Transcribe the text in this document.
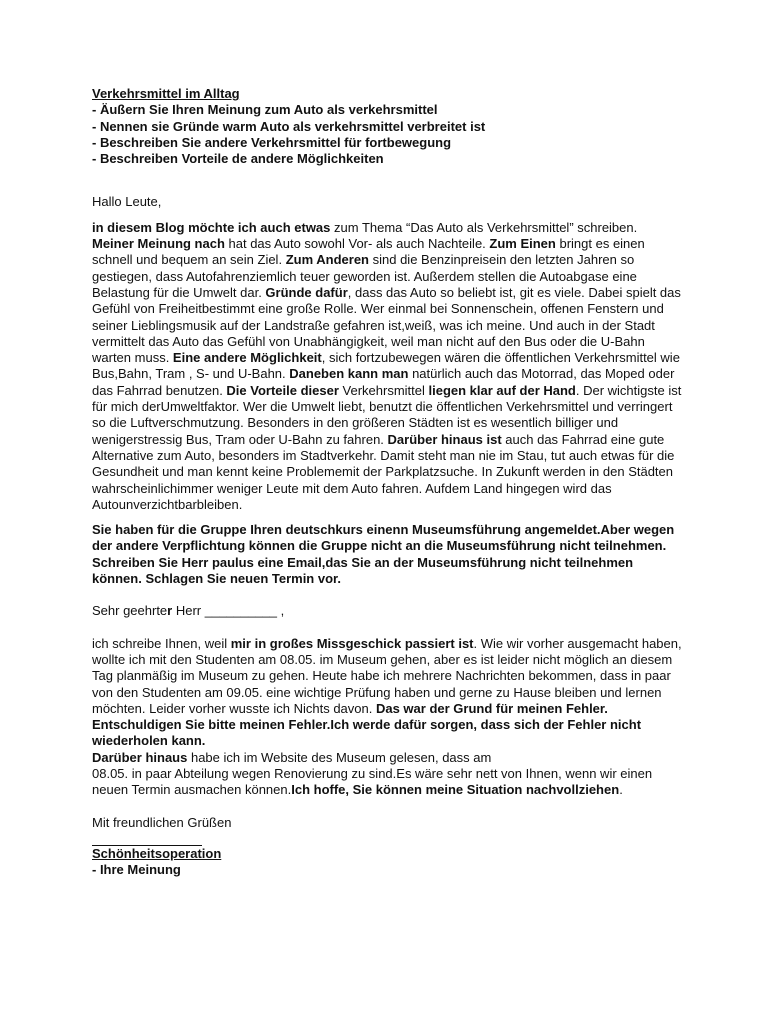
Verkehrsmittel im Alltag

- Äußern Sie Ihren Meinung zum Auto als verkehrsmittel

- Nennen sie Gründe warm Auto als verkehrsmittel verbreitet ist

- Beschreiben Sie andere Verkehrsmittel für fortbewegung

- Beschreiben Vorteile de andere Möglichkeiten

Hallo Leute,

in diesem Blog möchte ich auch etwas zum Thema “Das Auto als Verkehrsmittel” schreiben. Meiner Meinung nach hat das Auto sowohl Vor- als auch Nachteile. Zum Einen bringt es einen schnell und bequem an sein Ziel. Zum Anderen sind die Benzinpreisein den letzten Jahren so gestiegen, dass Autofahrenziemlich teuer geworden ist. Außerdem stellen die Autoabgase eine Belastung für die Umwelt dar. Gründe dafür, dass das Auto so beliebt ist, git es viele. Dabei spielt das Gefühl von Freiheitbestimmt eine große Rolle. Wer einmal bei Sonnenschein, offenen Fenstern und seiner Lieblingsmusik auf der Landstraße gefahren ist,weiß, was ich meine. Und auch in der Stadt vermittelt das Auto das Gefühl von Unabhängigkeit, weil man nicht auf den Bus oder die U-Bahn warten muss. Eine andere Möglichkeit, sich fortzubewegen wären die öffentlichen Verkehrsmittel wie Bus,Bahn, Tram , S- und U-Bahn. Daneben kann man natürlich auch das Motorrad, das Moped oder das Fahrrad benutzen. Die Vorteile dieser Verkehrsmittel liegen klar auf der Hand. Der wichtigste ist für mich derUmweltfaktor. Wer die Umwelt liebt, benutzt die öffentlichen Verkehrsmittel und verringert so die Luftverschmutzung. Besonders in den größeren Städten ist es wesentlich billiger und wenigerstressig Bus, Tram oder U-Bahn zu fahren. Darüber hinaus ist auch das Fahrrad eine gute Alternative zum Auto, besonders im Stadtverkehr. Damit steht man nie im Stau, tut auch etwas für die Gesundheit und man kennt keine Problememit der Parkplatzsuche. In Zukunft werden in den Städten wahrscheinlichimmer weniger Leute mit dem Auto fahren. Aufdem Land hingegen wird das Autounverzichtbarbleiben.

Sie haben für die Gruppe Ihren deutschkurs einenn Museumsführung angemeldet.Aber wegen der andere Verpflichtung können die Gruppe nicht an die Museumsführung nicht teilnehmen. Schreiben Sie Herr paulus eine Email,das Sie an der Museumsführung nicht teilnehmen können. Schlagen Sie neuen Termin vor.

Sehr geehrter Herr __________ ,

ich schreibe Ihnen, weil mir in großes Missgeschick passiert ist. Wie wir vorher ausgemacht haben, wollte ich mit den Studenten am 08.05. im Museum gehen, aber es ist leider nicht möglich an diesem Tag planmäßig im Museum zu gehen. Heute habe ich mehrere Nachrichten bekommen, dass in paar von den Studenten am 09.05. eine wichtige Prüfung haben und gerne zu Hause bleiben und lernen möchten. Leider vorher wusste ich Nichts davon. Das war der Grund für meinen Fehler.
Entschuldigen Sie bitte meinen Fehler.Ich werde dafür sorgen, dass sich der Fehler nicht wiederholen kann.
Darüber hinaus habe ich im Website des Museum gelesen, dass am
08.05. in paar Abteilung wegen Renovierung zu sind.Es wäre sehr nett von Ihnen, wenn wir einen neuen Termin ausmachen können.Ich hoffe, Sie können meine Situation nachvollziehen.

Mit freundlichen Grüßen

Schönheitsoperation

- Ihre Meinung
